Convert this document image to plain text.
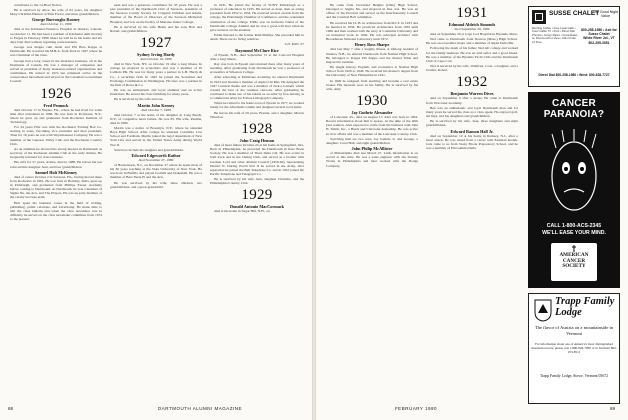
contributor to the 14-Hour Notice.

He is survived by Alice, his wife of 64 years, his daughter Mary Christine Hanson of Park Forest, and three grandchildren.

George Burroughs Rooney
died October 11, 1989

died at the Kitchener-Waterloo Hospital in Ontario, Canada, on October 11. He had been a resident of Kitchener until moving to Fergus in February 1989 where he will be in his home and six days later died without regaining consciousness.

George was magna cum laude and Phi Beta Kappa at Dartmouth. He received his M.B.A. from Tuck in 1927 where he was Chairman of the class.

George had a long career in the insurance business, all in the Dominion of Canada. He was a manager of companies and served as president of many insurance-related organizations and committees. He retired in 1974 but remained active in the conservation movement and served on the Canadian Government Council.

1926
Fred Pennock

died October 17 in Naples, Fla., where he had lived for some time after retirement in 1966. He was born in Rochester, N.Y., where he grew up and graduated from Rochester Institute of Technology.

For 34 years Fritz was with the Rochester Folding Box Co. starting in sales, becoming vice president and then president. Then for 16 years he was with Weyerhaeuser Company. He was a member of the Genesee Valley Club and the Rochester Country Club.

As an alumnus he showed his strong interest in Dartmouth as secretary of the Rochester Alumni Club in the early thirties. He frequently returned for class reunions.

His wife for 57 years, Arlene, died in 1988. He leaves his son John and his daughter Jean, and four grandchildren.

Samuel Holt McKinney

died of cancer October 2 in Sarasota, Fla., having moved there from Rochester in 1961. He was born in Bombay, India, grew up in Pittsburgh, and graduated from Phillips Exeter Academy before coming to Dartmouth. At Dartmouth, he was a member of Sigma Nu, the Arts, and The Players. He was an early member of the varsity lacrosse team.

Holt spent his business career in the field of writing, publishing, public relations, and advertising. He made time to edit the class bulletin and when the class newsletter was in difficulty he served on the class newsletter committee from 1974 to the present.

usan and was a generous contributor for 35 years. He was a past president of the Dartmouth Club of Sarasota, president of the Sarasota County Society for Crippled Children and Adults, member of the Board of Directors of the Sarasota Memorial Hospital, and was on the faculty of Manatee Junior College.

He is survived by his wife Helen and his sons Holt and Robert, and grandchildren.

1927
Sydney Irving Hardy
died October 19, 1989

died in New York, NY, on October 19 after a long illness. In college he majored in economics and was a member of Pi Lambda Phi. He was for many years a partner in L.B. Hardy & Co., a securities firm. In 1945 he joined the Securities and Exchange Commission in Washington. He later was a partner in the firm of Rowe & Co.

He was an enthusiastic and loyal alumnus and an active fundraiser. He served his class faithfully for many years.

He is survived by his wife and son.

Martin John Keeney
died October 7, 1989

died October 7 at the home of his daughter in Long Beach, N.Y., of congestive heart failure. He was 85. His wife, Pauline, died in 1980.

Martin was a native of Brooklyn, N.Y., where he attended Boys High School. After college he attended Columbia Law School and Fordham. Martin joined the legal department of New York Life and served in the United States Army during World War II.

Survivors include his daughter and grandchildren.

Edward Edgeworth Rathor
died November 27, 1989

of Hackensack, N.J., on November 27 where he spent most of his 30 years teaching at the State University of New York. He was born in Buffalo and played football and basketball. He was a member of Beta Theta Pi and the Arts.

He was survived by his wife, three children, two grandchildren, and a great-grandchild.

in 1931. He joined the faculty of SUNY Plattsburgh as a professor of education in 1935. He served as dean, then as acting president from 1952 to 1954. He received several awards from the college, the Plattsburgh Chamber of Commerce, and the centennial celebration of the college. Eddie was an inclusive friend of the Dartmouth College Alumni and he was a good-will host when he gave lectures on the students.

Eddie married to the former Ruth Phillips. She preceded him in death. There are no living relatives.

S.D. Mills '27
Raymond McClure Rice

of Epsom, N.H., died September 15 at the Concord Hospital after a long illness.

Ray was born in Epsom and returned there after many years of teaching. After graduating from Dartmouth he was a professor of economics at Wheaton College.

After schooling at Pembroke Academy, he entered Dartmouth in 1923 and became a member of Alpha Chi Rho. He designed the 1927 Carnival theme and was a member of Jack-o-Lantern which created the best of the twenties cartoons. After graduating he continued to make use of his talents as an artist by free-lancing as a commercial artist for Forbes Lithograph Company.

When he retired to his home town of Epsom in 1977, he worked busily for the Aftermath column and designed several local items.

He leaves his wife of 59 years, Bonnie, and a daughter, Marcia Wheelon.

1928
John Craig Henson

died of heart failure October 24 at his home in Springfield, Ore. Born in Philadelphia, he preceded his Dartmouth in Rare Book Society. He was a member of Theta Delta Chi. He was active in both track and in the Outing Club, and served as a brother with Gardner Lord and other Alumni Council (1959-62), representing District II. During World War II he served in the Army, after separation he joined the Bell Telephone Co. and in 1952 joined the Pacific Telephone and Telegraph Co.

He is survived by his wife Jean, daughter Christine, and the Philadelphia Country Club.

1929
Donald Antonio MacCormack

died at his home in Sugar Hill, N.H., on

He came from Cleveland Heights (Ohio) High School, belonged to Sigma Nu, and majored in fine arts. He was an officer of the Pictorial and served on the Interfraternity Council and the Carnival Ball committee.

He received his LL.B. in architecture from M.I.T. in 1933 and he married in 1934. He practiced architecture from 1935 until 1986 and then worked with the navy at Columbia University and on industrial work in 1946. He was principal architect with Brookhaven National Laboratory until 1972.

Henry Ross Sharpe

died last May 7 after a lengthy illness. A lifelong resident of Nashua, N.H., he entered Dartmouth from Nashua High School. He belonged to Kappa Phi Kappa and the Round Table and majored in German.

He taught history, English, and economics at Nashua High School from 1929 to 1949. He received his master's degree from the University of New Hampshire in 1941.

In 1949 he resigned from teaching and became a real estate broker. His interests were in his family. He is survived by his wife, Amy.

1930
Jay Guthrie Alexander

of Lancaster, Pa., died on August 17. Alex was born in 1904. Recent information about him is sparse. At the time of the 40th year reunion, Alex expected to retire from his business with John H. Smith, Inc., a Buick and Chevrolet dealership. He was active in civic affairs and was a member of the Lancaster Country Club.

Surviving him are two sons, Jay Guthrie Jr. and George, a daughter, Carol Hall, and eight grandchildren.

John Philip McAllister

of Philadelphia died last March 27. Little information is on record at this time. He was a sales engineer with the Stanley Works in Philadelphia and later worked with the Dodge Company.

1931
Edmund Aldrich Simonds
died September 29, 1989

died on September 29 at Cape Cod Hospital in Hyannis, Mass.

Ned came to Dartmouth from Newton (Mass.) High School. He was an economics major and a member of Alpha Delta Phi.

Following the death of his father, Ned left college and worked for the family business. He was an avid sailor and a good friend. He was a member of the Hyannis Yacht Club and the Dartmouth Club of Cape Cod.

Ned is survived by his wife, Winifred, a son, a daughter, and a brother, Robert.

1932
Benjamin Warren Dives

died on September 6 after a stroke. He came to Dartmouth from Worcester Academy.

Ben was an enthusiastic and loyal Dartmouth man and for many years he served his class as a class agent. He enjoyed golf, ski trips, and his daughters and grandchildren.

He is survived by his wife, Jean, three daughters and eight grandchildren.

Edward Ramon Hall Jr.

died on September 19 at his home in Ramsey, N.J., after a heart attack. He was raised from a career with Eastman Kodak. Jack came to us from Stony Brook Preparatory School, and he was a member of Phi Gamma Delta.

SUSSE CHALET
The Good Night Value
Morning Coffee • Free Local Calls • Color Cable TV • Pool • Direct Dial Phones • Group Rates • Great Rates on Rooms with a View • Kids Under 12 Free
800-258-1980 • Ask for Susse Chalet
White River Jct., VT
802-295-3051
Direct Dial 800-258-1980 • West: 800-628-7727
CANCER PARANOIA?
CALL 1-800-ACS-2345
WE'LL EASE YOUR MIND.
AMERICAN
CANCER
SOCIETY
Trapp Family
Lodge
The flavor of Austria on a mountainside in Vermont
For information about one of America's most distinguished mountain resorts, please call 1-800-826-7000 or in Vermont 802-253-8511
Trapp Family Lodge, Stowe, Vermont 05672
68	DARTMOUTH ALUMNI MAGAZINE	FEBRUARY 1990	69
